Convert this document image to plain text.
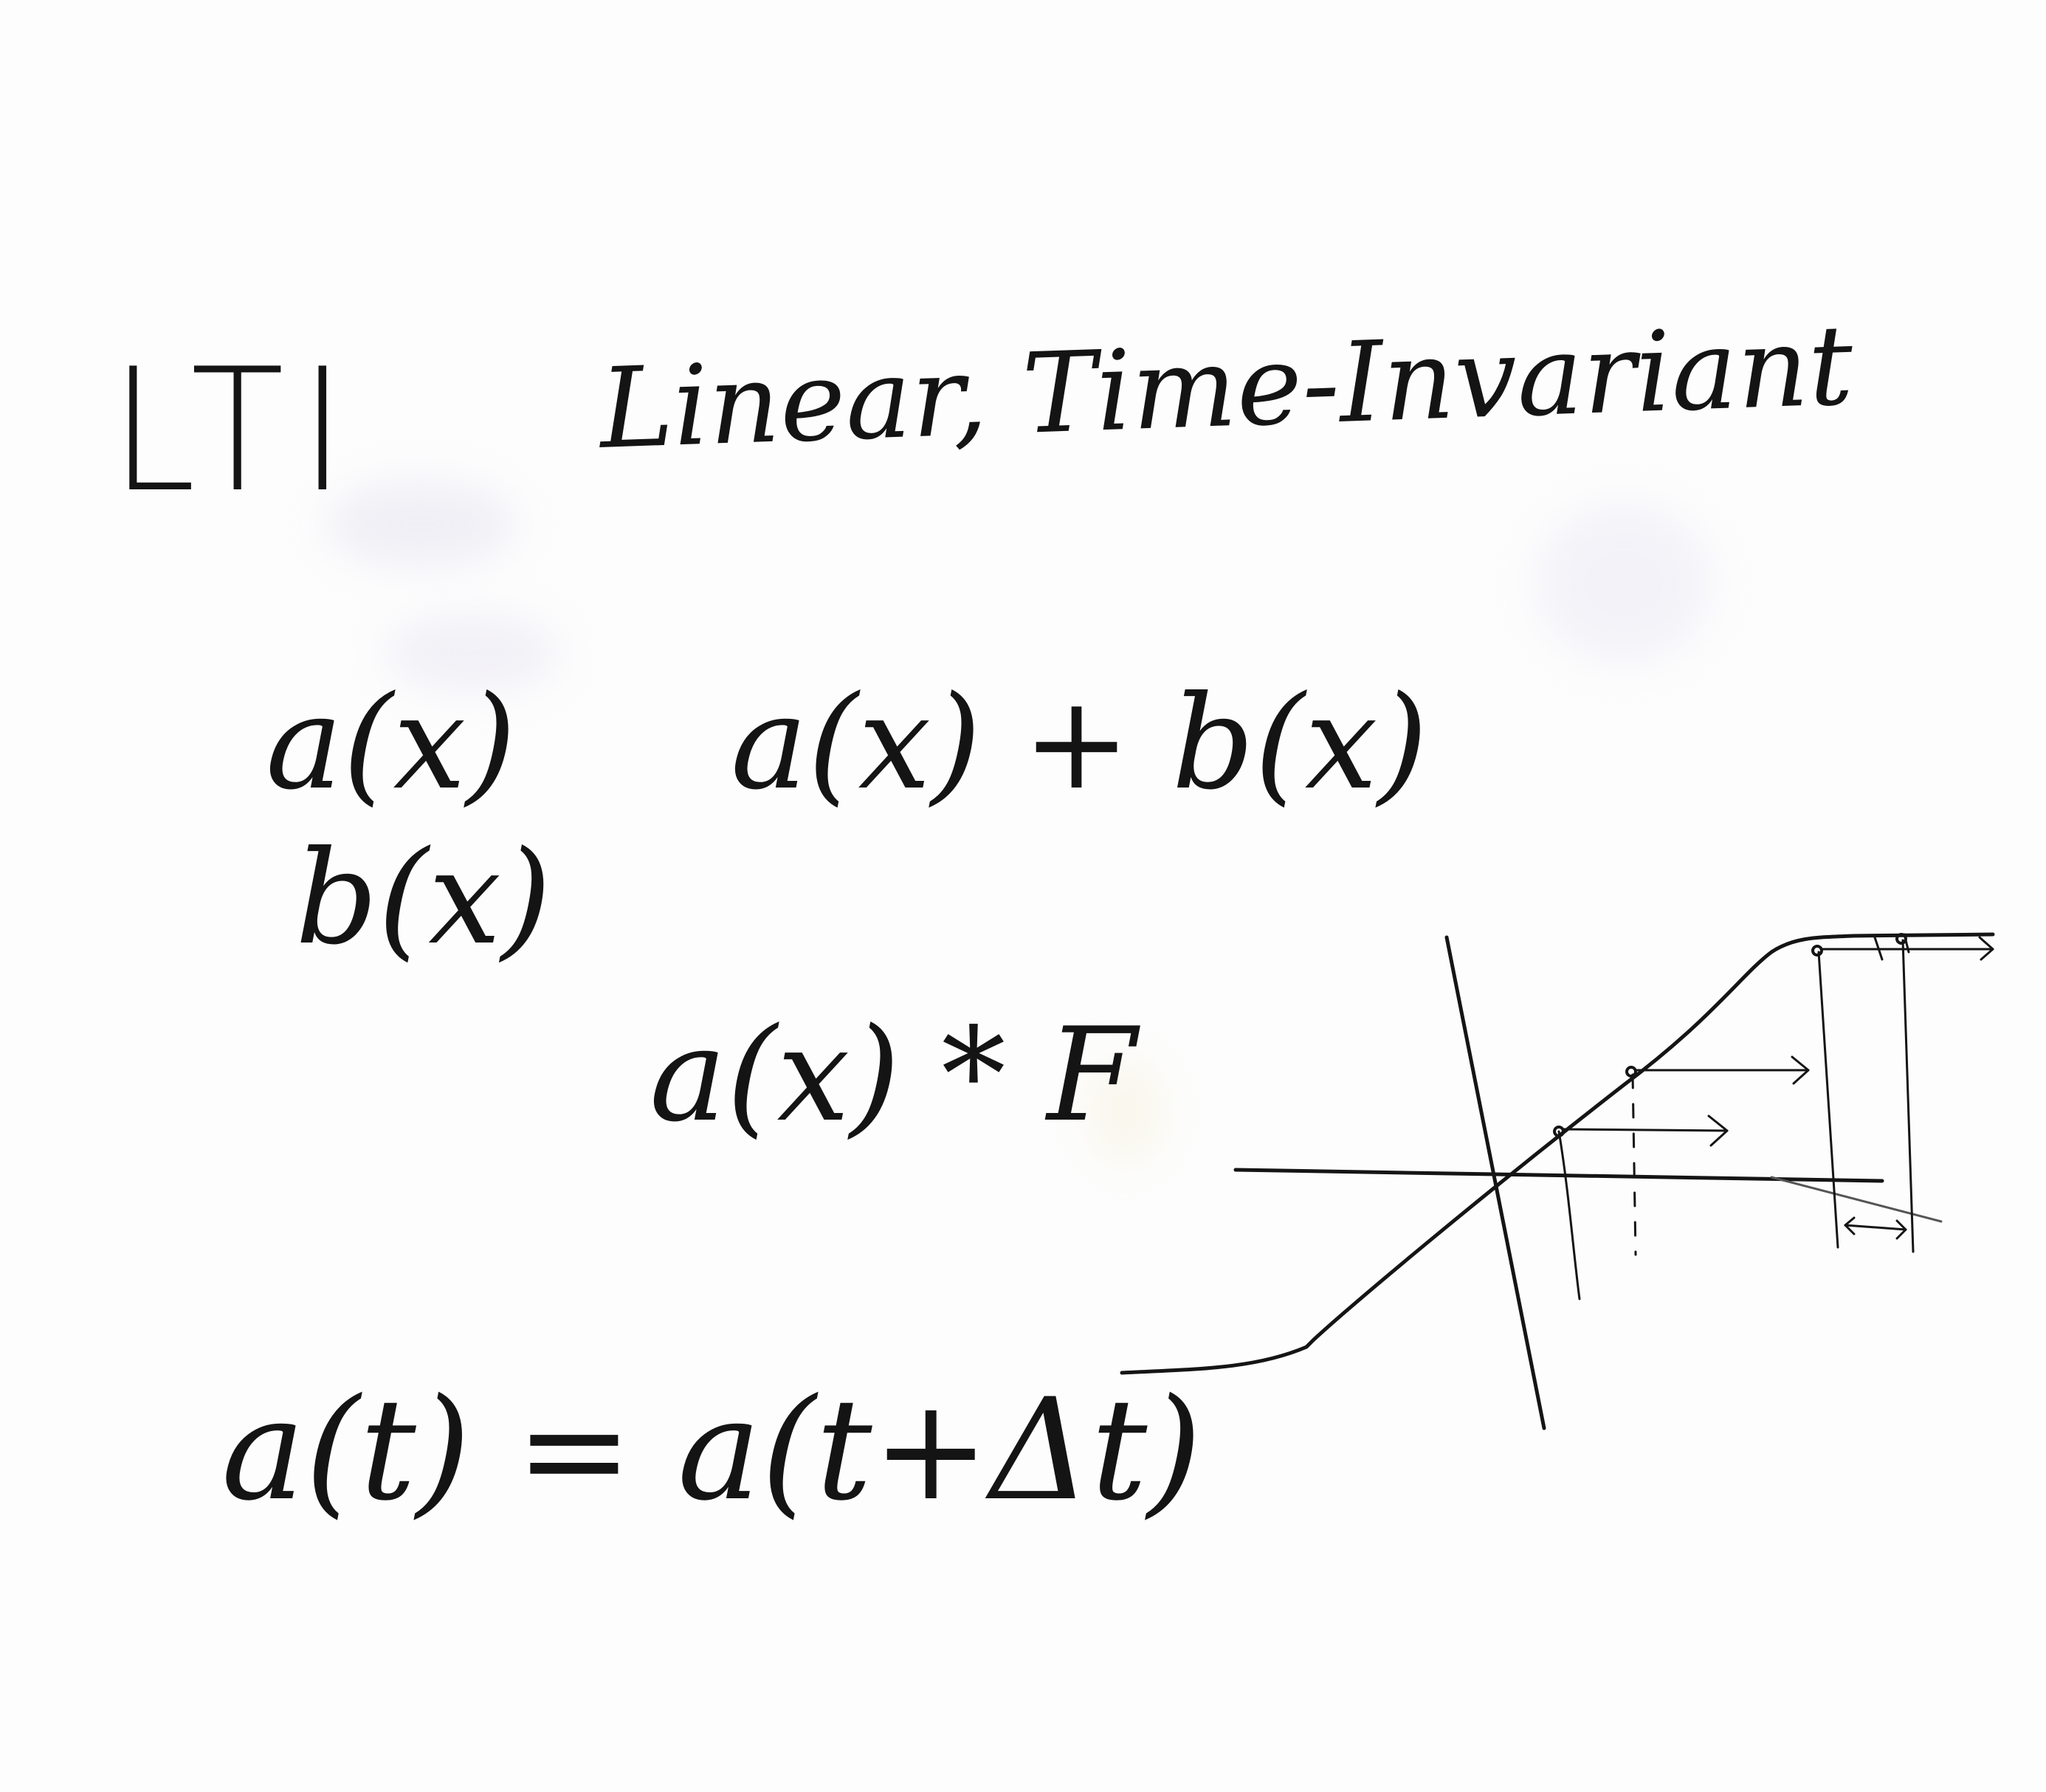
LTI Linear, Time-Invariant
a(x)
b(x)
a(x) + b(x)
a(x) * F
a(t) = a(t+Δt)
